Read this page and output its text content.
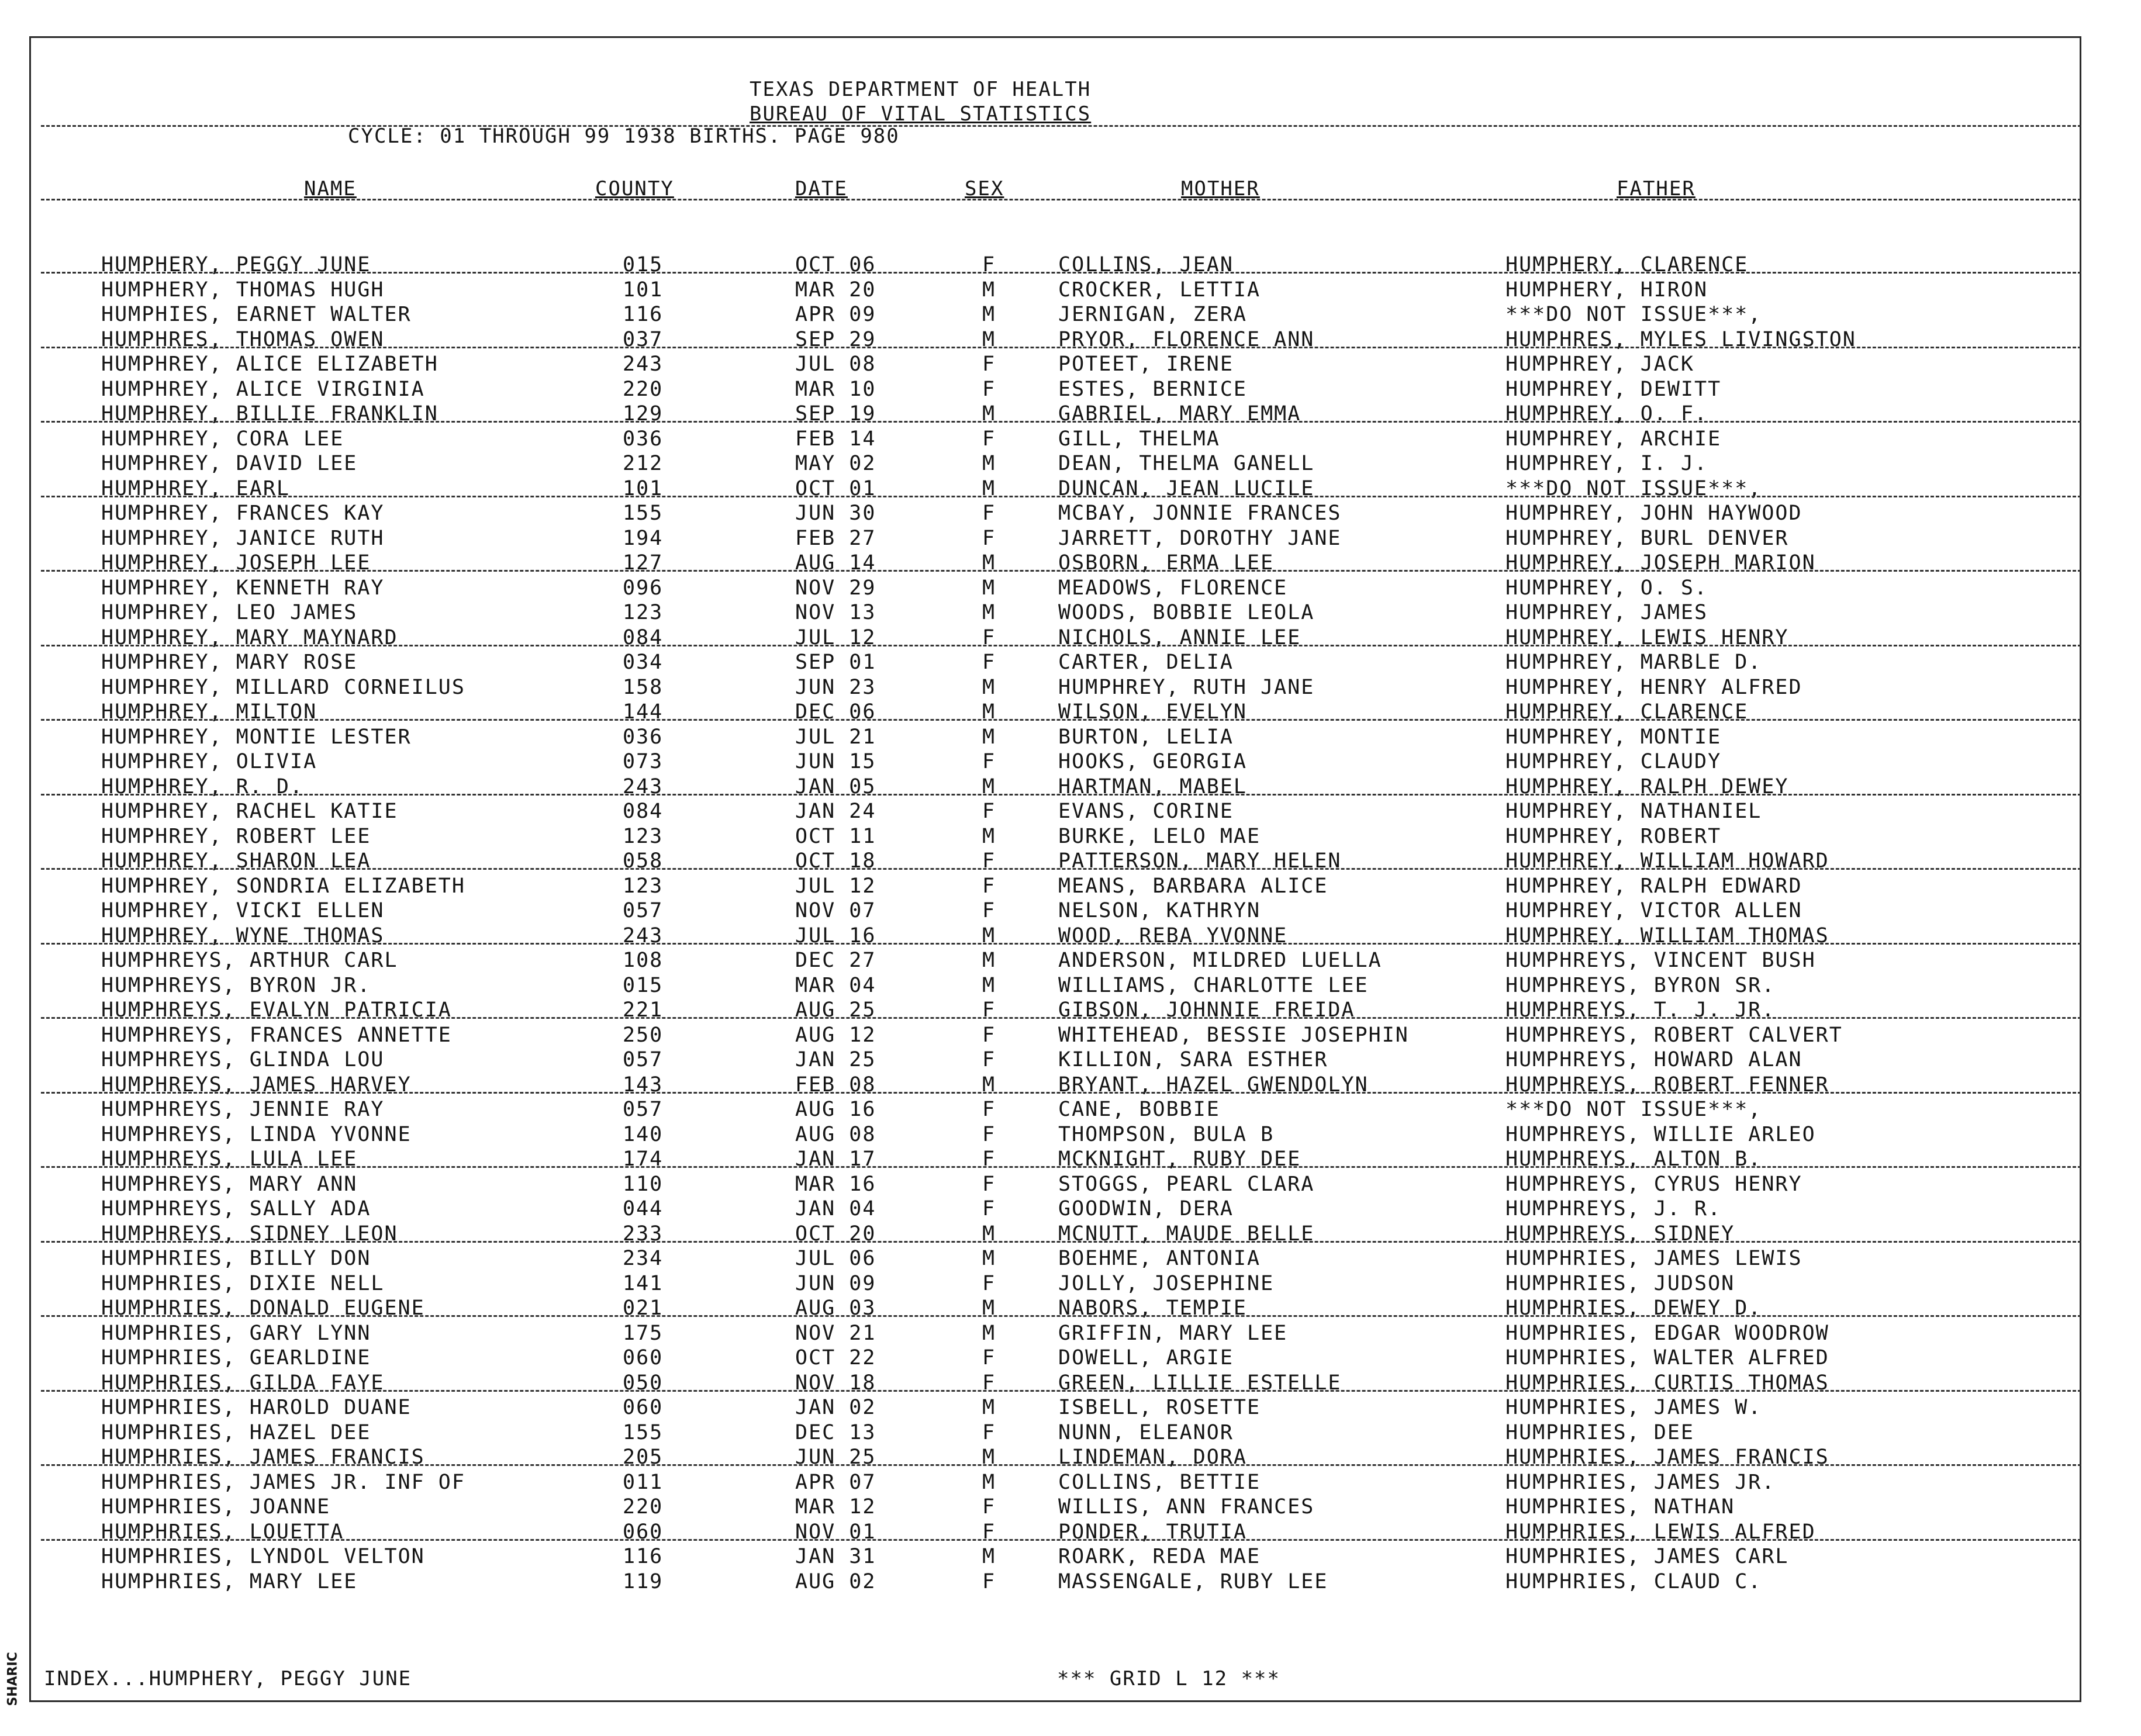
SHARIC
TEXAS DEPARTMENT OF HEALTH
BUREAU OF VITAL STATISTICS
CYCLE: 01 THROUGH 99 1938 BIRTHS. PAGE 980
NAME	COUNTY	DATE	SEX	MOTHER	FATHER
HUMPHERY, PEGGY JUNE	015	OCT 06	F	COLLINS, JEAN	HUMPHERY, CLARENCE
HUMPHERY, THOMAS HUGH	101	MAR 20	M	CROCKER, LETTIA	HUMPHERY, HIRON
HUMPHIES, EARNET WALTER	116	APR 09	M	JERNIGAN, ZERA	***DO NOT ISSUE***,
HUMPHRES, THOMAS OWEN	037	SEP 29	M	PRYOR, FLORENCE ANN	HUMPHRES, MYLES LIVINGSTON
HUMPHREY, ALICE ELIZABETH	243	JUL 08	F	POTEET, IRENE	HUMPHREY, JACK
HUMPHREY, ALICE VIRGINIA	220	MAR 10	F	ESTES, BERNICE	HUMPHREY, DEWITT
HUMPHREY, BILLIE FRANKLIN	129	SEP 19	M	GABRIEL, MARY EMMA	HUMPHREY, O. F.
HUMPHREY, CORA LEE	036	FEB 14	F	GILL, THELMA	HUMPHREY, ARCHIE
HUMPHREY, DAVID LEE	212	MAY 02	M	DEAN, THELMA GANELL	HUMPHREY, I. J.
HUMPHREY, EARL	101	OCT 01	M	DUNCAN, JEAN LUCILE	***DO NOT ISSUE***,
HUMPHREY, FRANCES KAY	155	JUN 30	F	MCBAY, JONNIE FRANCES	HUMPHREY, JOHN HAYWOOD
HUMPHREY, JANICE RUTH	194	FEB 27	F	JARRETT, DOROTHY JANE	HUMPHREY, BURL DENVER
HUMPHREY, JOSEPH LEE	127	AUG 14	M	OSBORN, ERMA LEE	HUMPHREY, JOSEPH MARION
HUMPHREY, KENNETH RAY	096	NOV 29	M	MEADOWS, FLORENCE	HUMPHREY, O. S.
HUMPHREY, LEO JAMES	123	NOV 13	M	WOODS, BOBBIE LEOLA	HUMPHREY, JAMES
HUMPHREY, MARY MAYNARD	084	JUL 12	F	NICHOLS, ANNIE LEE	HUMPHREY, LEWIS HENRY
HUMPHREY, MARY ROSE	034	SEP 01	F	CARTER, DELIA	HUMPHREY, MARBLE D.
HUMPHREY, MILLARD CORNEILUS	158	JUN 23	M	HUMPHREY, RUTH JANE	HUMPHREY, HENRY ALFRED
HUMPHREY, MILTON	144	DEC 06	M	WILSON, EVELYN	HUMPHREY, CLARENCE
HUMPHREY, MONTIE LESTER	036	JUL 21	M	BURTON, LELIA	HUMPHREY, MONTIE
HUMPHREY, OLIVIA	073	JUN 15	F	HOOKS, GEORGIA	HUMPHREY, CLAUDY
HUMPHREY, R. D.	243	JAN 05	M	HARTMAN, MABEL	HUMPHREY, RALPH DEWEY
HUMPHREY, RACHEL KATIE	084	JAN 24	F	EVANS, CORINE	HUMPHREY, NATHANIEL
HUMPHREY, ROBERT LEE	123	OCT 11	M	BURKE, LELO MAE	HUMPHREY, ROBERT
HUMPHREY, SHARON LEA	058	OCT 18	F	PATTERSON, MARY HELEN	HUMPHREY, WILLIAM HOWARD
HUMPHREY, SONDRIA ELIZABETH	123	JUL 12	F	MEANS, BARBARA ALICE	HUMPHREY, RALPH EDWARD
HUMPHREY, VICKI ELLEN	057	NOV 07	F	NELSON, KATHRYN	HUMPHREY, VICTOR ALLEN
HUMPHREY, WYNE THOMAS	243	JUL 16	M	WOOD, REBA YVONNE	HUMPHREY, WILLIAM THOMAS
HUMPHREYS, ARTHUR CARL	108	DEC 27	M	ANDERSON, MILDRED LUELLA	HUMPHREYS, VINCENT BUSH
HUMPHREYS, BYRON JR.	015	MAR 04	M	WILLIAMS, CHARLOTTE LEE	HUMPHREYS, BYRON SR.
HUMPHREYS, EVALYN PATRICIA	221	AUG 25	F	GIBSON, JOHNNIE FREIDA	HUMPHREYS, T. J. JR.
HUMPHREYS, FRANCES ANNETTE	250	AUG 12	F	WHITEHEAD, BESSIE JOSEPHIN	HUMPHREYS, ROBERT CALVERT
HUMPHREYS, GLINDA LOU	057	JAN 25	F	KILLION, SARA ESTHER	HUMPHREYS, HOWARD ALAN
HUMPHREYS, JAMES HARVEY	143	FEB 08	M	BRYANT, HAZEL GWENDOLYN	HUMPHREYS, ROBERT FENNER
HUMPHREYS, JENNIE RAY	057	AUG 16	F	CANE, BOBBIE	***DO NOT ISSUE***,
HUMPHREYS, LINDA YVONNE	140	AUG 08	F	THOMPSON, BULA B	HUMPHREYS, WILLIE ARLEO
HUMPHREYS, LULA LEE	174	JAN 17	F	MCKNIGHT, RUBY DEE	HUMPHREYS, ALTON B.
HUMPHREYS, MARY ANN	110	MAR 16	F	STOGGS, PEARL CLARA	HUMPHREYS, CYRUS HENRY
HUMPHREYS, SALLY ADA	044	JAN 04	F	GOODWIN, DERA	HUMPHREYS, J. R.
HUMPHREYS, SIDNEY LEON	233	OCT 20	M	MCNUTT, MAUDE BELLE	HUMPHREYS, SIDNEY
HUMPHRIES, BILLY DON	234	JUL 06	M	BOEHME, ANTONIA	HUMPHRIES, JAMES LEWIS
HUMPHRIES, DIXIE NELL	141	JUN 09	F	JOLLY, JOSEPHINE	HUMPHRIES, JUDSON
HUMPHRIES, DONALD EUGENE	021	AUG 03	M	NABORS, TEMPIE	HUMPHRIES, DEWEY D.
HUMPHRIES, GARY LYNN	175	NOV 21	M	GRIFFIN, MARY LEE	HUMPHRIES, EDGAR WOODROW
HUMPHRIES, GEARLDINE	060	OCT 22	F	DOWELL, ARGIE	HUMPHRIES, WALTER ALFRED
HUMPHRIES, GILDA FAYE	050	NOV 18	F	GREEN, LILLIE ESTELLE	HUMPHRIES, CURTIS THOMAS
HUMPHRIES, HAROLD DUANE	060	JAN 02	M	ISBELL, ROSETTE	HUMPHRIES, JAMES W.
HUMPHRIES, HAZEL DEE	155	DEC 13	F	NUNN, ELEANOR	HUMPHRIES, DEE
HUMPHRIES, JAMES FRANCIS	205	JUN 25	M	LINDEMAN, DORA	HUMPHRIES, JAMES FRANCIS
HUMPHRIES, JAMES JR. INF OF	011	APR 07	M	COLLINS, BETTIE	HUMPHRIES, JAMES JR.
HUMPHRIES, JOANNE	220	MAR 12	F	WILLIS, ANN FRANCES	HUMPHRIES, NATHAN
HUMPHRIES, LOUETTA	060	NOV 01	F	PONDER, TRUTIA	HUMPHRIES, LEWIS ALFRED
HUMPHRIES, LYNDOL VELTON	116	JAN 31	M	ROARK, REDA MAE	HUMPHRIES, JAMES CARL
HUMPHRIES, MARY LEE	119	AUG 02	F	MASSENGALE, RUBY LEE	HUMPHRIES, CLAUD C.
INDEX...HUMPHERY, PEGGY JUNE	*** GRID L 12 ***
